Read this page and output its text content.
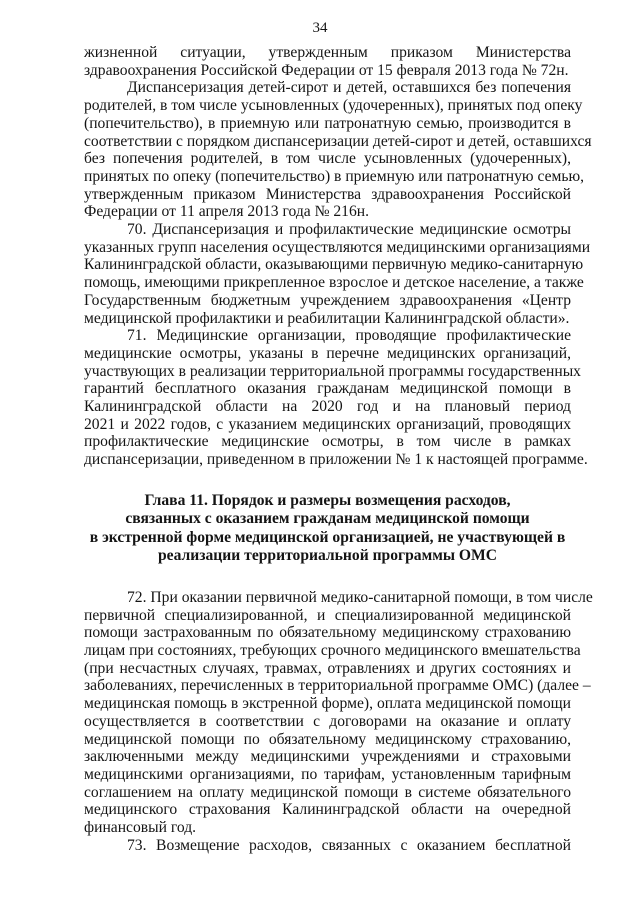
34

жизненной ситуации, утвержденным приказом Министерства
здравоохранения Российской Федерации от 15 февраля 2013 года № 72н.

Диспансеризация детей-сирот и детей, оставшихся без попечения
родителей, в том числе усыновленных (удочеренных), принятых под опеку
(попечительство), в приемную или патронатную семью, производится в
соответствии с порядком диспансеризации детей-сирот и детей, оставшихся
без попечения родителей, в том числе усыновленных (удочеренных),
принятых по опеку (попечительство) в приемную или патронатную семью,
утвержденным приказом Министерства здравоохранения Российской
Федерации от 11 апреля 2013 года № 216н.

70. Диспансеризация и профилактические медицинские осмотры
указанных групп населения осуществляются медицинскими организациями
Калининградской области, оказывающими первичную медико-санитарную
помощь, имеющими прикрепленное взрослое и детское население, а также
Государственным бюджетным учреждением здравоохранения «Центр
медицинской профилактики и реабилитации Калининградской области».

71. Медицинские организации, проводящие профилактические
медицинские осмотры, указаны в перечне медицинских организаций,
участвующих в реализации территориальной программы государственных
гарантий бесплатного оказания гражданам медицинской помощи в
Калининградской области на 2020 год и на плановый период
2021 и 2022 годов, с указанием медицинских организаций, проводящих
профилактические медицинские осмотры, в том числе в рамках
диспансеризации, приведенном в приложении № 1 к настоящей программе.

Глава 11. Порядок и размеры возмещения расходов,
связанных с оказанием гражданам медицинской помощи
в экстренной форме медицинской организацией, не участвующей в
реализации территориальной программы ОМС

72. При оказании первичной медико-санитарной помощи, в том числе
первичной специализированной, и специализированной медицинской
помощи застрахованным по обязательному медицинскому страхованию
лицам при состояниях, требующих срочного медицинского вмешательства
(при несчастных случаях, травмах, отравлениях и других состояниях и
заболеваниях, перечисленных в территориальной программе ОМС) (далее –
медицинская помощь в экстренной форме), оплата медицинской помощи
осуществляется в соответствии с договорами на оказание и оплату
медицинской помощи по обязательному медицинскому страхованию,
заключенными между медицинскими учреждениями и страховыми
медицинскими организациями, по тарифам, установленным тарифным
соглашением на оплату медицинской помощи в системе обязательного
медицинского страхования Калининградской области на очередной
финансовый год.

73. Возмещение расходов, связанных с оказанием бесплатной
